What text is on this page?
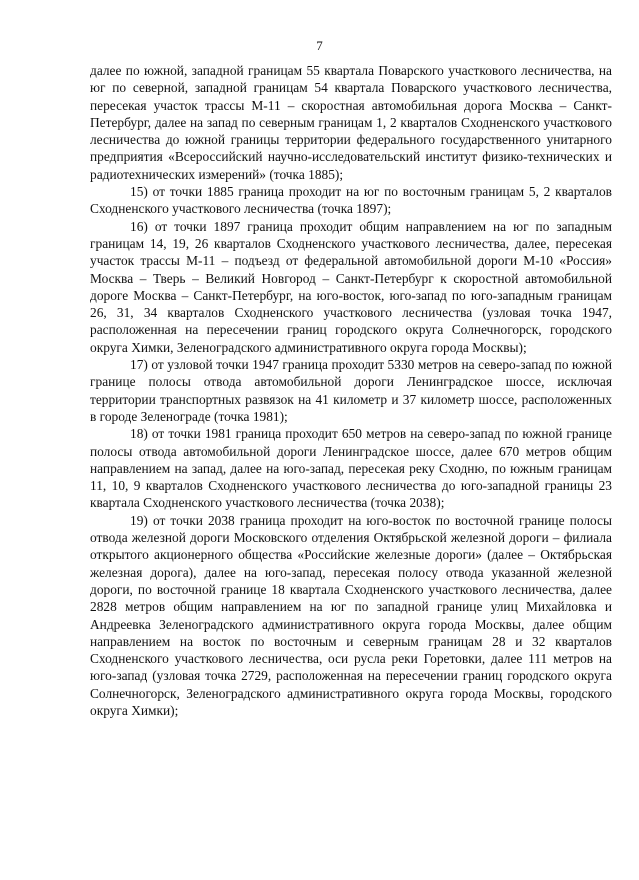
7

далее по южной, западной границам 55 квартала Поварского участкового лесничества, на юг по северной, западной границам 54 квартала Поварского участкового лесничества, пересекая участок трассы М-11 – скоростная автомобильная дорога Москва – Санкт-Петербург, далее на запад по северным границам 1, 2 кварталов Сходненского участкового лесничества до южной границы территории федерального государственного унитарного предприятия «Всероссийский научно-исследовательский институт физико-технических и радиотехнических измерений» (точка 1885);

15) от точки 1885 граница проходит на юг по восточным границам 5, 2 кварталов Сходненского участкового лесничества (точка 1897);

16) от точки 1897 граница проходит общим направлением на юг по западным границам 14, 19, 26 кварталов Сходненского участкового лесничества, далее, пересекая участок трассы М-11 – подъезд от федеральной автомобильной дороги М-10 «Россия» Москва – Тверь – Великий Новгород – Санкт-Петербург к скоростной автомобильной дороге Москва – Санкт-Петербург, на юго-восток, юго-запад по юго-западным границам 26, 31, 34 кварталов Сходненского участкового лесничества (узловая точка 1947, расположенная на пересечении границ городского округа Солнечногорск, городского округа Химки, Зеленоградского административного округа города Москвы);

17) от узловой точки 1947 граница проходит 5330 метров на северо-запад по южной границе полосы отвода автомобильной дороги Ленинградское шоссе, исключая территории транспортных развязок на 41 километр и 37 километр шоссе, расположенных в городе Зеленограде (точка 1981);

18) от точки 1981 граница проходит 650 метров на северо-запад по южной границе полосы отвода автомобильной дороги Ленинградское шоссе, далее 670 метров общим направлением на запад, далее на юго-запад, пересекая реку Сходню, по южным границам 11, 10, 9 кварталов Сходненского участкового лесничества до юго-западной границы 23 квартала Сходненского участкового лесничества (точка 2038);

19) от точки 2038 граница проходит на юго-восток по восточной границе полосы отвода железной дороги Московского отделения Октябрьской железной дороги – филиала открытого акционерного общества «Российские железные дороги» (далее – Октябрьская железная дорога), далее на юго-запад, пересекая полосу отвода указанной железной дороги, по восточной границе 18 квартала Сходненского участкового лесничества, далее 2828 метров общим направлением на юг по западной границе улиц Михайловка и Андреевка Зеленоградского административного округа города Москвы, далее общим направлением на восток по восточным и северным границам 28 и 32 кварталов Сходненского участкового лесничества, оси русла реки Горетовки, далее 111 метров на юго-запад (узловая точка 2729, расположенная на пересечении границ городского округа Солнечногорск, Зеленоградского административного округа города Москвы, городского округа Химки);
